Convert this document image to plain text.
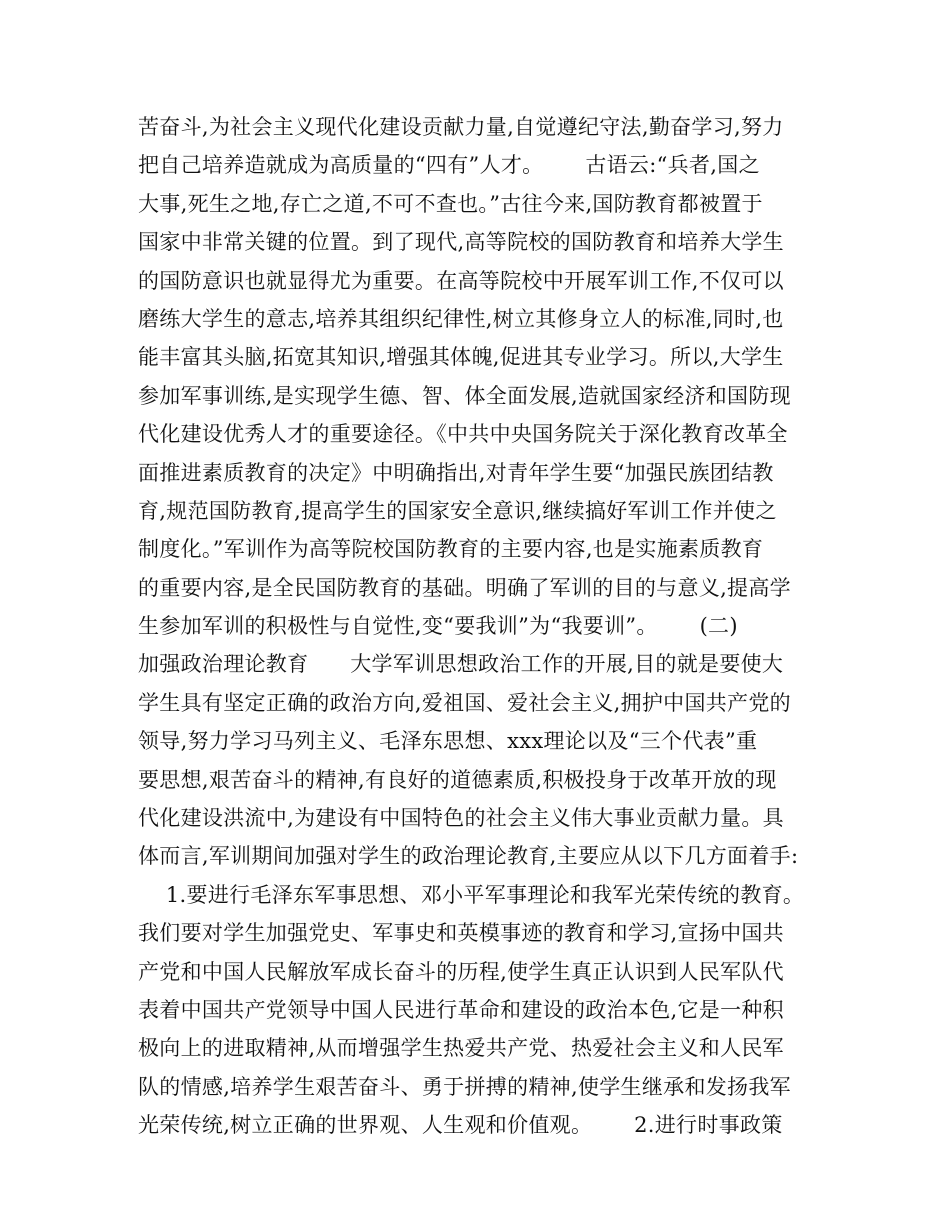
苦奋斗,为社会主义现代化建设贡献力量,自觉遵纪守法,勤奋学习,努力
把自己培养造就成为高质量的“四有”人才。      古语云:“兵者,国之
大事,死生之地,存亡之道,不可不查也。”古往今来,国防教育都被置于
国家中非常关键的位置。到了现代,高等院校的国防教育和培养大学生
的国防意识也就显得尤为重要。在高等院校中开展军训工作,不仅可以
磨练大学生的意志,培养其组织纪律性,树立其修身立人的标准,同时,也
能丰富其头脑,拓宽其知识,增强其体魄,促进其专业学习。所以,大学生
参加军事训练,是实现学生德、智、体全面发展,造就国家经济和国防现
代化建设优秀人才的重要途径。《中共中央国务院关于深化教育改革全
面推进素质教育的决定》中明确指出,对青年学生要“加强民族团结教
育,规范国防教育,提高学生的国家安全意识,继续搞好军训工作并使之
制度化。”军训作为高等院校国防教育的主要内容,也是实施素质教育
的重要内容,是全民国防教育的基础。明确了军训的目的与意义,提高学
生参加军训的积极性与自觉性,变“要我训”为“我要训”。      (二)
加强政治理论教育      大学军训思想政治工作的开展,目的就是要使大
学生具有坚定正确的政治方向,爱祖国、爱社会主义,拥护中国共产党的
领导,努力学习马列主义、毛泽东思想、xxx理论以及“三个代表”重
要思想,艰苦奋斗的精神,有良好的道德素质,积极投身于改革开放的现
代化建设洪流中,为建设有中国特色的社会主义伟大事业贡献力量。具
体而言,军训期间加强对学生的政治理论教育,主要应从以下几方面着手:
1.要进行毛泽东军事思想、邓小平军事理论和我军光荣传统的教育。
我们要对学生加强党史、军事史和英模事迹的教育和学习,宣扬中国共
产党和中国人民解放军成长奋斗的历程,使学生真正认识到人民军队代
表着中国共产党领导中国人民进行革命和建设的政治本色,它是一种积
极向上的进取精神,从而增强学生热爱共产党、热爱社会主义和人民军
队的情感,培养学生艰苦奋斗、勇于拼搏的精神,使学生继承和发扬我军
光荣传统,树立正确的世界观、人生观和价值观。      2.进行时事政策
